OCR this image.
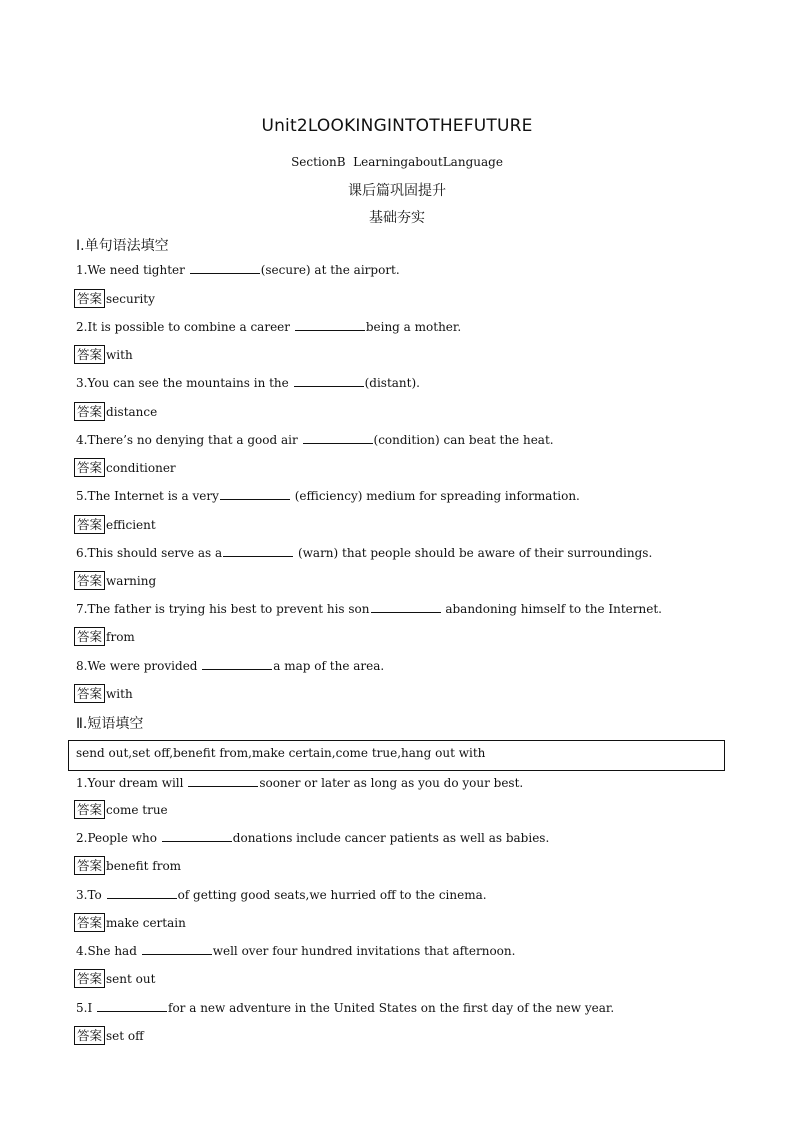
Unit2LOOKINGINTOTHEFUTURE
SectionB  LearningaboutLanguage
课后篇巩固提升
基础夯实
Ⅰ.单句语法填空
1.We need tighter	(secure) at the airport.
答案 security
2.It is possible to combine a career	being a mother.
答案 with
3.You can see the mountains in the	(distant).
答案 distance
4.There’s no denying that a good air	(condition) can beat the heat.
答案 conditioner
5.The Internet is a very	(efficiency) medium for spreading information.
答案 efficient
6.This should serve as a	(warn) that people should be aware of their surroundings.
答案 warning
7.The father is trying his best to prevent his son	abandoning himself to the Internet.
答案 from
8.We were provided	a map of the area.
答案 with
Ⅱ.短语填空
send out,set off,benefit from,make certain,come true,hang out with
1.Your dream will	sooner or later as long as you do your best.
答案 come true
2.People who	donations include cancer patients as well as babies.
答案 benefit from
3.To	of getting good seats,we hurried off to the cinema.
答案 make certain
4.She had	well over four hundred invitations that afternoon.
答案 sent out
5.I	for a new adventure in the United States on the first day of the new year.
答案 set off
